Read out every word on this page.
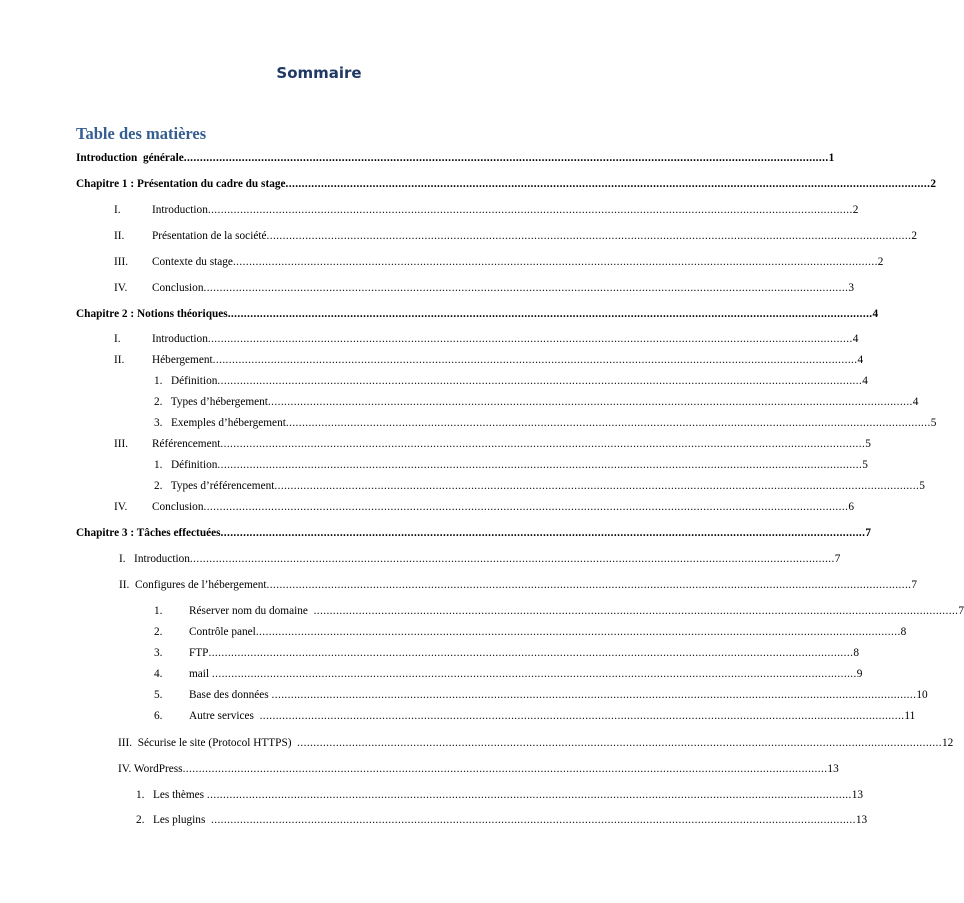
Sommaire
Table des matières
Introduction  générale ........................................................................................................................................................................................................ 1
Chapitre 1 : Présentation du cadre du stage ........................................................................................................................................................................................................ 2
I.	Introduction ........................................................................................................................................................................................................ 2
II. Présentation de la société ........................................................................................................................................................................................................ 2
III. Contexte du stage ........................................................................................................................................................................................................ 2
IV. Conclusion ........................................................................................................................................................................................................ 3
Chapitre 2 : Notions théoriques ........................................................................................................................................................................................................ 4
I.	Introduction ........................................................................................................................................................................................................ 4
II. Hébergement ........................................................................................................................................................................................................ 4
1.   Définition ........................................................................................................................................................................................................ 4
2.   Types d’hébergement ........................................................................................................................................................................................................ 4
3.   Exemples d’hébergement ........................................................................................................................................................................................................ 5
III. Référencement ........................................................................................................................................................................................................ 5
1.   Définition ........................................................................................................................................................................................................ 5
2.   Types d’référencement ........................................................................................................................................................................................................ 5
IV. Conclusion ........................................................................................................................................................................................................ 6
Chapitre 3 : Tâches effectuées ........................................................................................................................................................................................................ 7
I.   Introduction ........................................................................................................................................................................................................ 7
II.  Configures de l’hébergement ........................................................................................................................................................................................................ 7
1. Réserver nom du domaine ........................................................................................................................................................................................................ 7
2. Contrôle panel ........................................................................................................................................................................................................ 8
3. FTP ........................................................................................................................................................................................................ 8
4. mail ........................................................................................................................................................................................................ 9
5. Base des données ........................................................................................................................................................................................................ 10
6. Autre services ........................................................................................................................................................................................................ 11
III.  Sécurise le site (Protocol HTTPS) ........................................................................................................................................................................................................ 12
IV. WordPress ........................................................................................................................................................................................................ 13
1.   Les thèmes ........................................................................................................................................................................................................ 13
2.   Les plugins ........................................................................................................................................................................................................ 13
